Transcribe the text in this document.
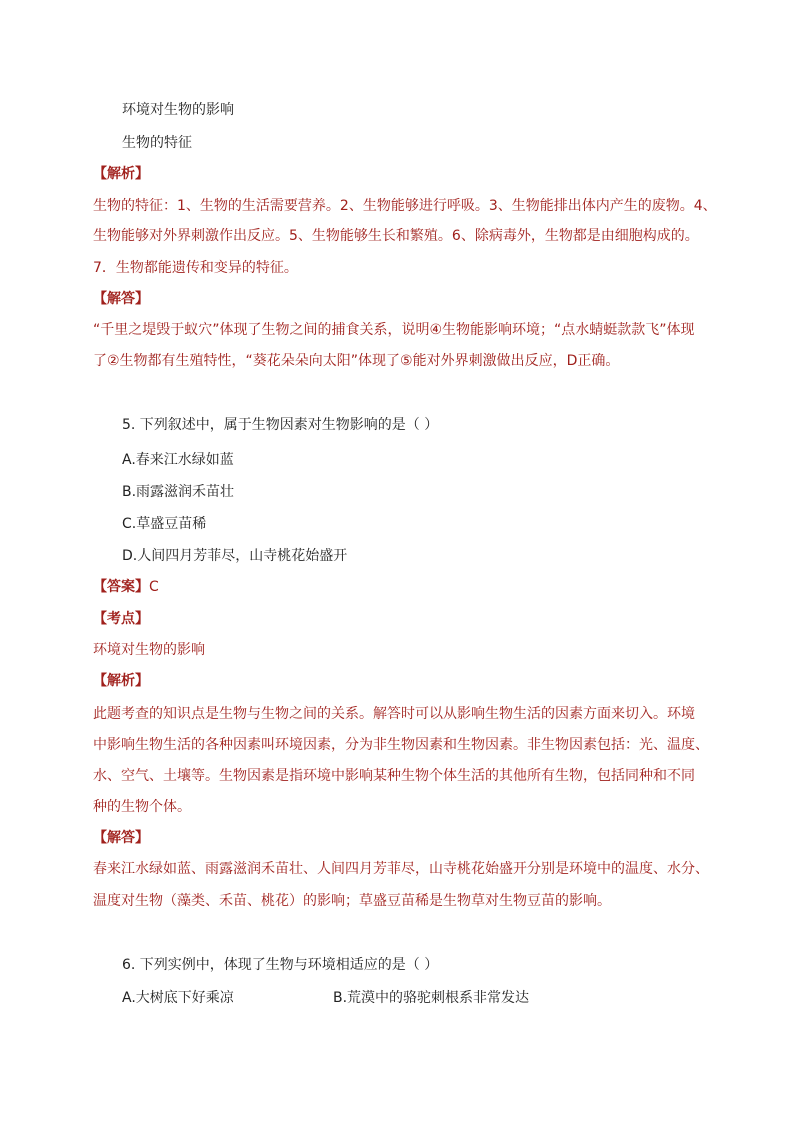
环境对生物的影响
生物的特征
【解析】
生物的特征：1、生物的生活需要营养。2、生物能够进行呼吸。3、生物能排出体内产生的废物。4、
生物能够对外界刺激作出反应。5、生物能够生长和繁殖。6、除病毒外，生物都是由细胞构成的。
7．生物都能遗传和变异的特征。
【解答】
“千里之堤毁于蚁穴”体现了生物之间的捕食关系，说明④生物能影响环境；“点水蜻蜓款款飞”体现
了②生物都有生殖特性，“葵花朵朵向太阳”体现了⑤能对外界刺激做出反应，D正确。
5. 下列叙述中，属于生物因素对生物影响的是（ ）
A.春来江水绿如蓝
B.雨露滋润禾苗壮
C.草盛豆苗稀
D.人间四月芳菲尽，山寺桃花始盛开
【答案】C
【考点】
环境对生物的影响
【解析】
此题考查的知识点是生物与生物之间的关系。解答时可以从影响生物生活的因素方面来切入。环境
中影响生物生活的各种因素叫环境因素，分为非生物因素和生物因素。非生物因素包括：光、温度、
水、空气、土壤等。生物因素是指环境中影响某种生物个体生活的其他所有生物，包括同种和不同
种的生物个体。
【解答】
春来江水绿如蓝、雨露滋润禾苗壮、人间四月芳菲尽，山寺桃花始盛开分别是环境中的温度、水分、
温度对生物（藻类、禾苗、桃花）的影响；草盛豆苗稀是生物草对生物豆苗的影响。
6. 下列实例中，体现了生物与环境相适应的是（ ）
A.大树底下好乘凉	B.荒漠中的骆驼刺根系非常发达
